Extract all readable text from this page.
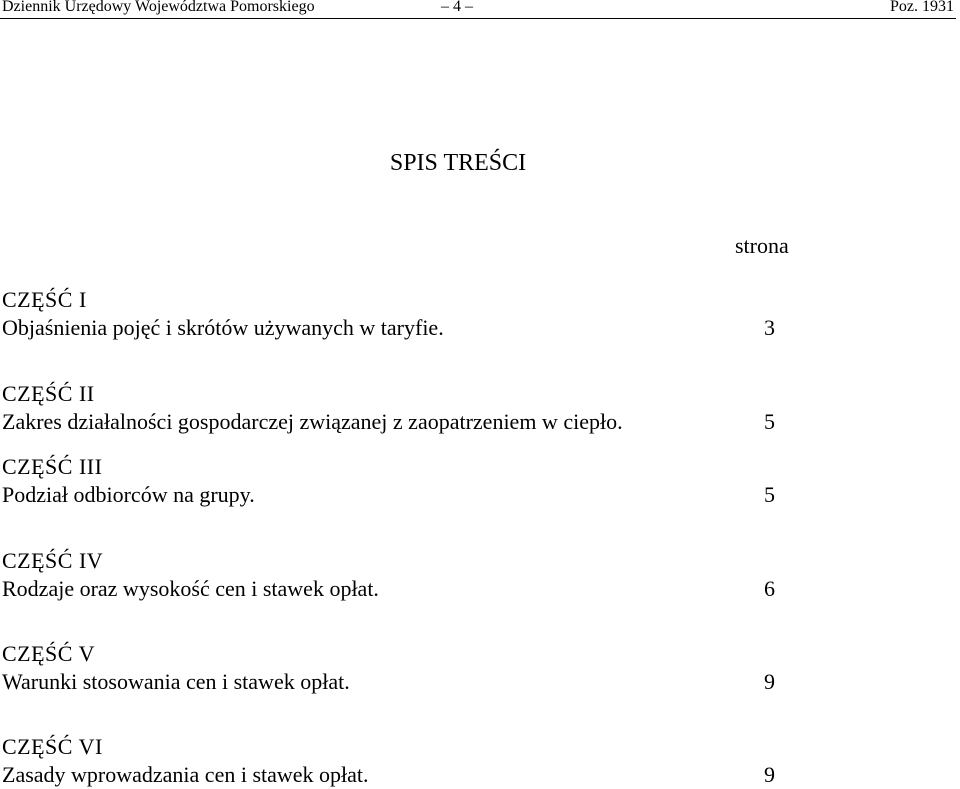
Dziennik Urzędowy Województwa Pomorskiego	– 4 –	Poz. 1931
SPIS TREŚCI
strona
CZĘŚĆ I
Objaśnienia pojęć i skrótów używanych w taryfie.	3
CZĘŚĆ II
Zakres działalności gospodarczej związanej z zaopatrzeniem w ciepło.	5
CZĘŚĆ III
Podział odbiorców na grupy.	5
CZĘŚĆ IV
Rodzaje oraz wysokość cen i stawek opłat.	6
CZĘŚĆ V
Warunki stosowania cen i stawek opłat.	9
CZĘŚĆ VI
Zasady wprowadzania cen i stawek opłat.	9
